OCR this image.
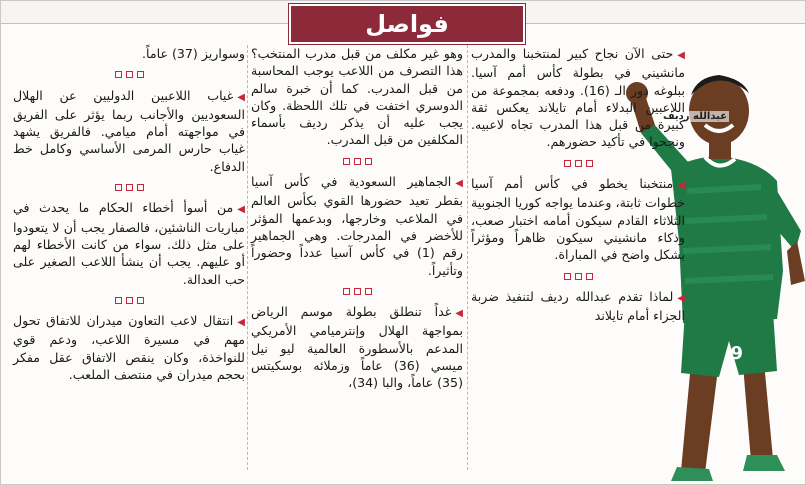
فواصل
9
عبدالله رديف

◀حتى الآن نجاح كبير لمنتخبنا والمدرب مانشيني في بطولة كأس أمم آسيا. ببلوغه دور الـ (16). ودفعه بمجموعة من اللاعبين البدلاء أمام تايلاند يعكس ثقة كبيرة من قبل هذا المدرب تجاه لاعبيه. ونجحوا في تأكيد حضورهم.

◀منتخبنا يخطو في كأس أمم آسيا خطوات ثابتة، وعندما يواجه كوريا الجنوبية الثلاثاء القادم سيكون أمامه اختبار صعب، وذكاء مانشيني سيكون ظاهراً ومؤثراً بشكل واضح في المباراة.

◀لماذا تقدم عبدالله رديف لتنفيذ ضربة الجزاء أمام تايلاند

وهو غير مكلف من قبل مدرب المنتخب؟ هذا التصرف من اللاعب يوجب المحاسبة من قبل المدرب. كما أن خبرة سالم الدوسري اختفت في تلك اللحظة. وكان يجب عليه أن يذكر رديف بأسماء المكلفين من قبل المدرب.

◀الجماهير السعودية في كأس آسيا بقطر تعيد حضورها القوي بكأس العالم في الملاعب وخارجها، وبدعمها المؤثر للأخضر في المدرجات. وهي الجماهير رقم (1) في كأس آسيا عدداً وحضوراً وتأثيراً.

◀غداً تنطلق بطولة موسم الرياض بمواجهة الهلال وإنترميامي الأمريكي المدعم بالأسطورة العالمية ليو نيل ميسي (36) عاماً وزملائه بوسكيتس (35) عاماً، والبا (34)،

وسواريز (37) عاماً.

◀غياب اللاعبين الدوليين عن الهلال السعوديين والأجانب ربما يؤثر على الفريق في مواجهته أمام ميامي. فالفريق يشهد غياب حارس المرمى الأساسي وكامل خط الدفاع.

◀من أسوأ أخطاء الحكام ما يحدث في مباريات الناشئين، فالصفار يجب أن لا يتعودوا على مثل ذلك. سواء من كانت الأخطاء لهم أو عليهم. يجب أن ينشأ اللاعب الصغير على حب العدالة.

◀انتقال لاعب التعاون ميدران للاتفاق تحول مهم في مسيرة اللاعب، ودعم قوي للنواخذة، وكان ينقص الاتفاق عقل مفكر بحجم ميدران في منتصف الملعب.
